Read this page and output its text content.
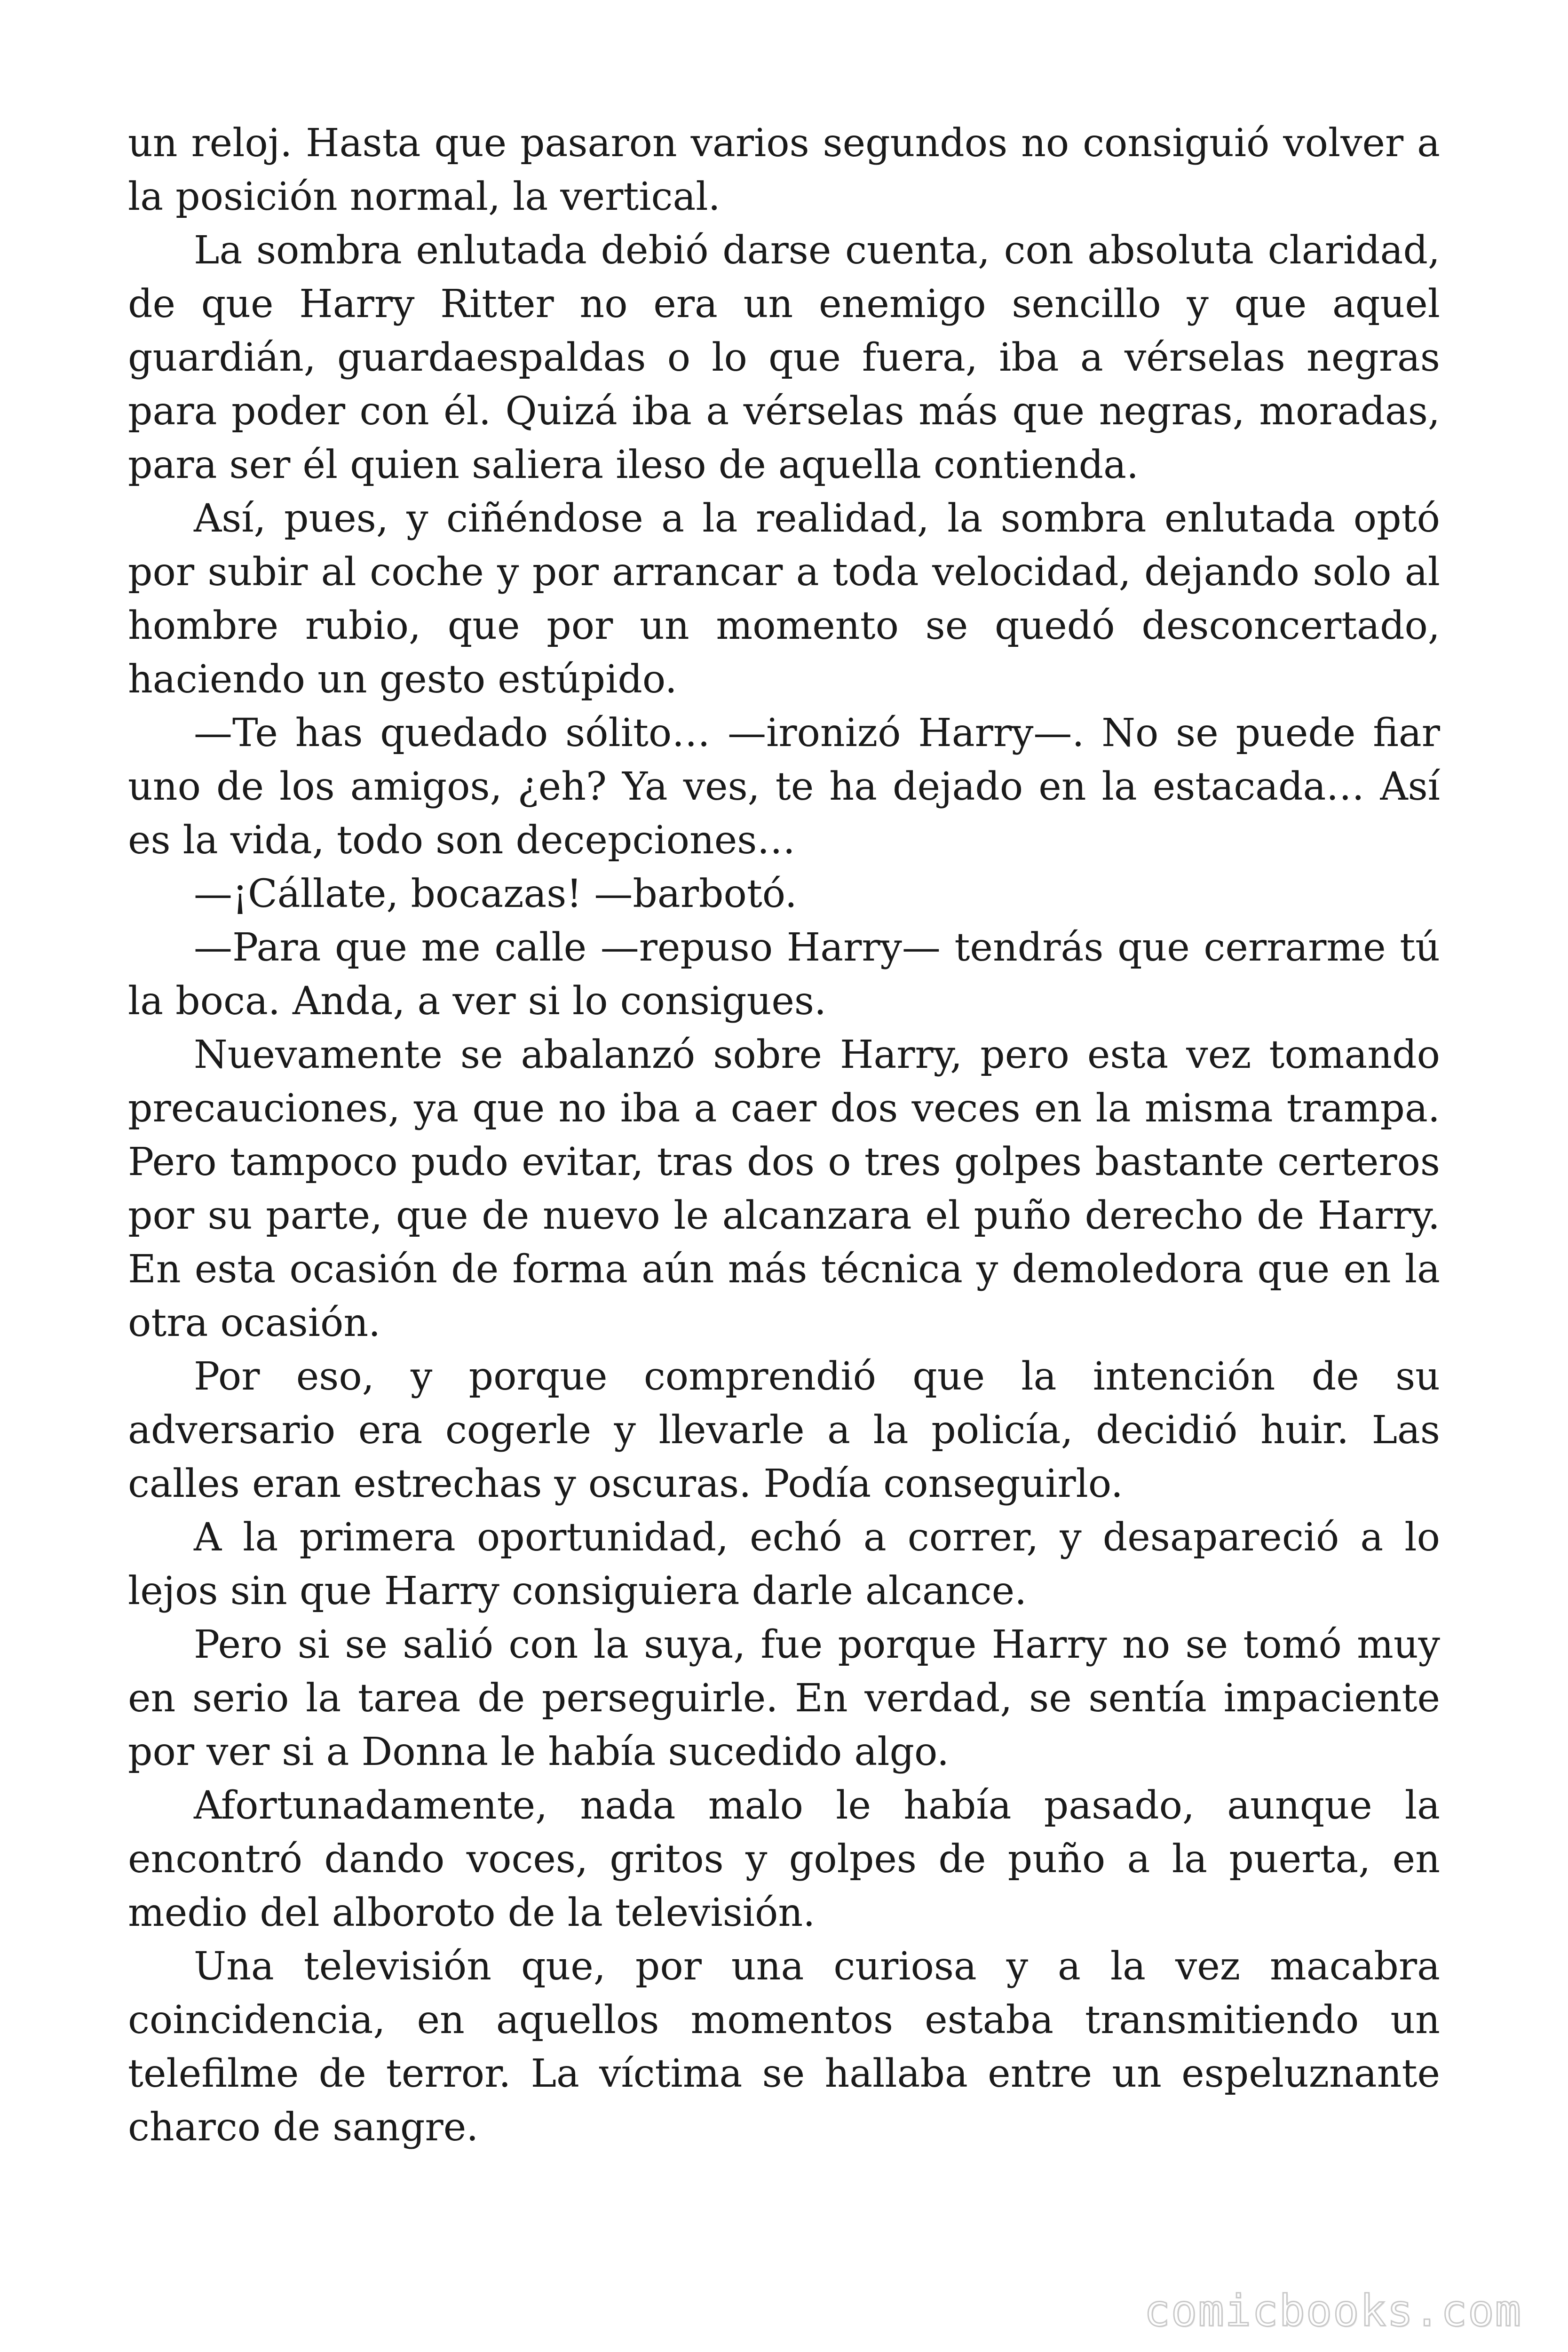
un reloj. Hasta que pasaron varios segundos no consiguió volver a la posición normal, la vertical.

La sombra enlutada debió darse cuenta, con absoluta claridad, de que Harry Ritter no era un enemigo sencillo y que aquel guardián, guardaespaldas o lo que fuera, iba a vérselas negras para poder con él. Quizá iba a vérselas más que negras, moradas, para ser él quien saliera ileso de aquella contienda.

Así, pues, y ciñéndose a la realidad, la sombra enlutada optó por subir al coche y por arrancar a toda velocidad, dejando solo al hombre rubio, que por un momento se quedó desconcertado, haciendo un gesto estúpido.

—Te has quedado sólito… —ironizó Harry—. No se puede fiar uno de los amigos, ¿eh? Ya ves, te ha dejado en la estacada… Así es la vida, todo son decepciones…

—¡Cállate, bocazas! —barbotó.

—Para que me calle —repuso Harry— tendrás que cerrarme tú la boca. Anda, a ver si lo consigues.

Nuevamente se abalanzó sobre Harry, pero esta vez tomando precauciones, ya que no iba a caer dos veces en la misma trampa. Pero tampoco pudo evitar, tras dos o tres golpes bastante certeros por su parte, que de nuevo le alcanzara el puño derecho de Harry. En esta ocasión de forma aún más técnica y demoledora que en la otra ocasión.

Por eso, y porque comprendió que la intención de su adversario era cogerle y llevarle a la policía, decidió huir. Las calles eran estrechas y oscuras. Podía conseguirlo.

A la primera oportunidad, echó a correr, y desapareció a lo lejos sin que Harry consiguiera darle alcance.

Pero si se salió con la suya, fue porque Harry no se tomó muy en serio la tarea de perseguirle. En verdad, se sentía impaciente por ver si a Donna le había sucedido algo.

Afortunadamente, nada malo le había pasado, aunque la encontró dando voces, gritos y golpes de puño a la puerta, en medio del alboroto de la televisión.

Una televisión que, por una curiosa y a la vez macabra coincidencia, en aquellos momentos estaba transmitiendo un telefilme de terror. La víctima se hallaba entre un espeluznante charco de sangre.

comicbooks.com
